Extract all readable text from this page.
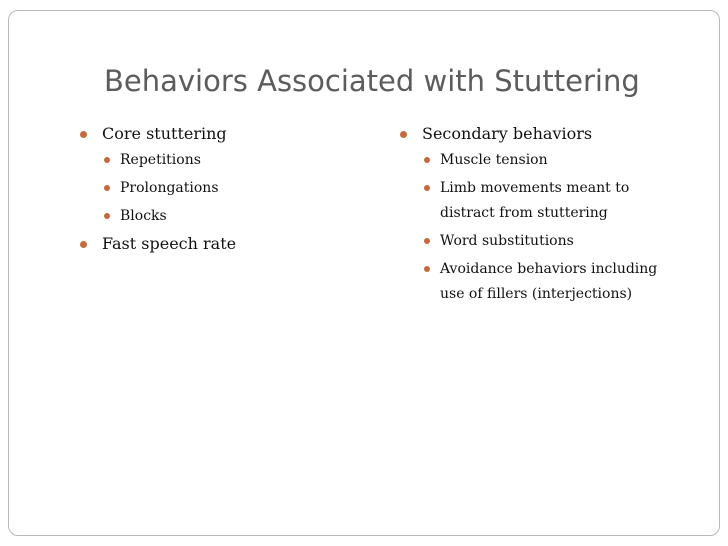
Behaviors Associated with Stuttering
Core stuttering
Repetitions
Prolongations
Blocks
Fast speech rate
Secondary behaviors
Muscle tension
Limb movements meant to distract from stuttering
Word substitutions
Avoidance behaviors including use of fillers (interjections)
